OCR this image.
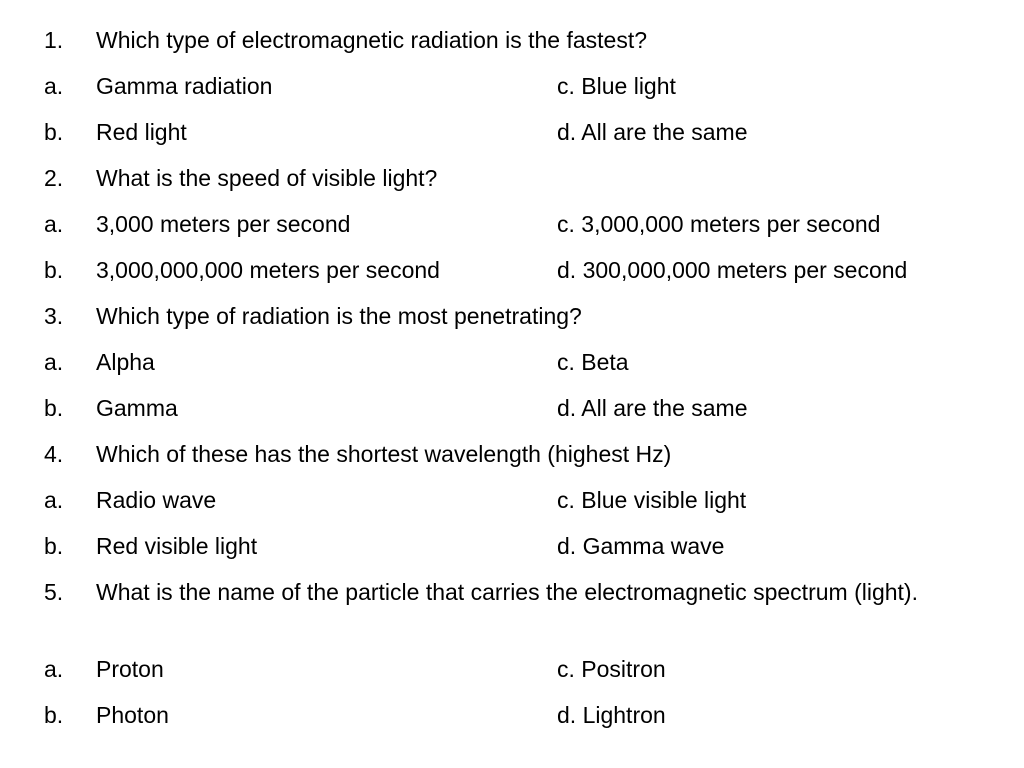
1. Which type of electromagnetic radiation is the fastest?
a. Gamma radiation	c. Blue light
b. Red light	d. All are the same
2. What is the speed of visible light?
a. 3,000 meters per second	c. 3,000,000 meters per second
b. 3,000,000,000 meters per second	d. 300,000,000 meters per second
3. Which type of radiation is the most penetrating?
a. Alpha	c. Beta
b. Gamma	d. All are the same
4. Which of these has the shortest wavelength (highest Hz)
a. Radio wave	c. Blue visible light
b. Red visible light	d. Gamma wave
5. What is the name of the particle that carries the electromagnetic spectrum (light).
a. Proton	c. Positron
b. Photon	d. Lightron
